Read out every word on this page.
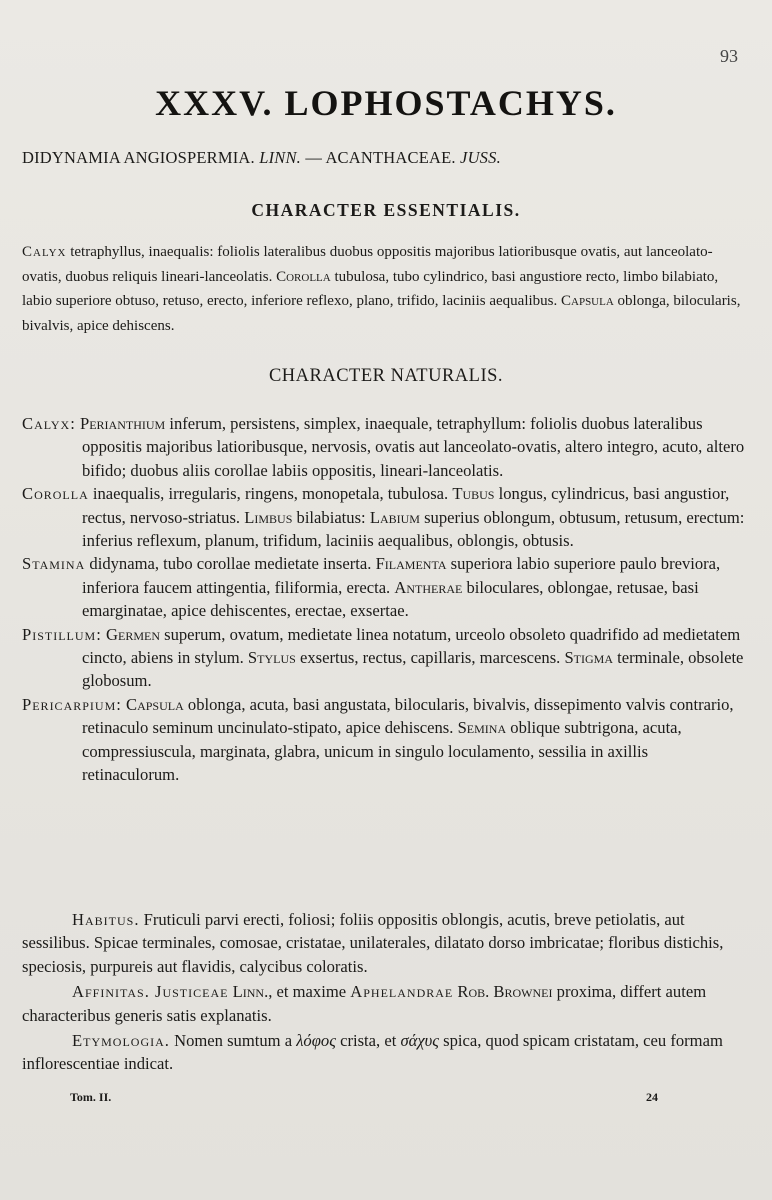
93
XXXV. LOPHOSTACHYS.
DIDYNAMIA ANGIOSPERMIA. LINN. — ACANTHACEAE. JUSS.
CHARACTER ESSENTIALIS.
Calyx tetraphyllus, inaequalis: foliolis lateralibus duobus oppositis majoribus latioribusque ovatis, aut lanceolato-ovatis, duobus reliquis lineari-lanceolatis. Corolla tubulosa, tubo cylindrico, basi angustiore recto, limbo bilabiato, labio superiore obtuso, retuso, erecto, inferiore reflexo, plano, trifido, laciniis aequalibus. Capsula oblonga, bilocularis, bivalvis, apice dehiscens.
CHARACTER NATURALIS.

Calyx: Perianthium inferum, persistens, simplex, inaequale, tetraphyllum: foliolis duobus lateralibus oppositis majoribus latioribusque, nervosis, ovatis aut lanceolato-ovatis, altero integro, acuto, altero bifido; duobus aliis corollae labiis oppositis, lineari-lanceolatis.

Corolla inaequalis, irregularis, ringens, monopetala, tubulosa. Tubus longus, cylindricus, basi angustior, rectus, nervoso-striatus. Limbus bilabiatus: Labium superius oblongum, obtusum, retusum, erectum: inferius reflexum, planum, trifidum, laciniis aequalibus, oblongis, obtusis.

Stamina didynama, tubo corollae medietate inserta. Filamenta superiora labio superiore paulo breviora, inferiora faucem attingentia, filiformia, erecta. Antherae biloculares, oblongae, retusae, basi emarginatae, apice dehiscentes, erectae, exsertae.

Pistillum: Germen superum, ovatum, medietate linea notatum, urceolo obsoleto quadrifido ad medietatem cincto, abiens in stylum. Stylus exsertus, rectus, capillaris, marcescens. Stigma terminale, obsolete globosum.

Pericarpium: Capsula oblonga, acuta, basi angustata, bilocularis, bivalvis, dissepimento valvis contrario, retinaculo seminum uncinulato-stipato, apice dehiscens. Semina oblique subtrigona, acuta, compressiuscula, marginata, glabra, unicum in singulo loculamento, sessilia in axillis retinaculorum.

Habitus. Fruticuli parvi erecti, foliosi; foliis oppositis oblongis, acutis, breve petiolatis, aut sessilibus. Spicae terminales, comosae, cristatae, unilaterales, dilatato dorso imbricatae; floribus distichis, speciosis, purpureis aut flavidis, calycibus coloratis.

Affinitas. Justiceae Linn., et maxime Aphelandrae Rob. Brownei proxima, differt autem characteribus generis satis explanatis.

Etymologia. Nomen sumtum a λόφος crista, et σάχυς spica, quod spicam cristatam, ceu formam inflorescentiae indicat.

Tom. II.	24
